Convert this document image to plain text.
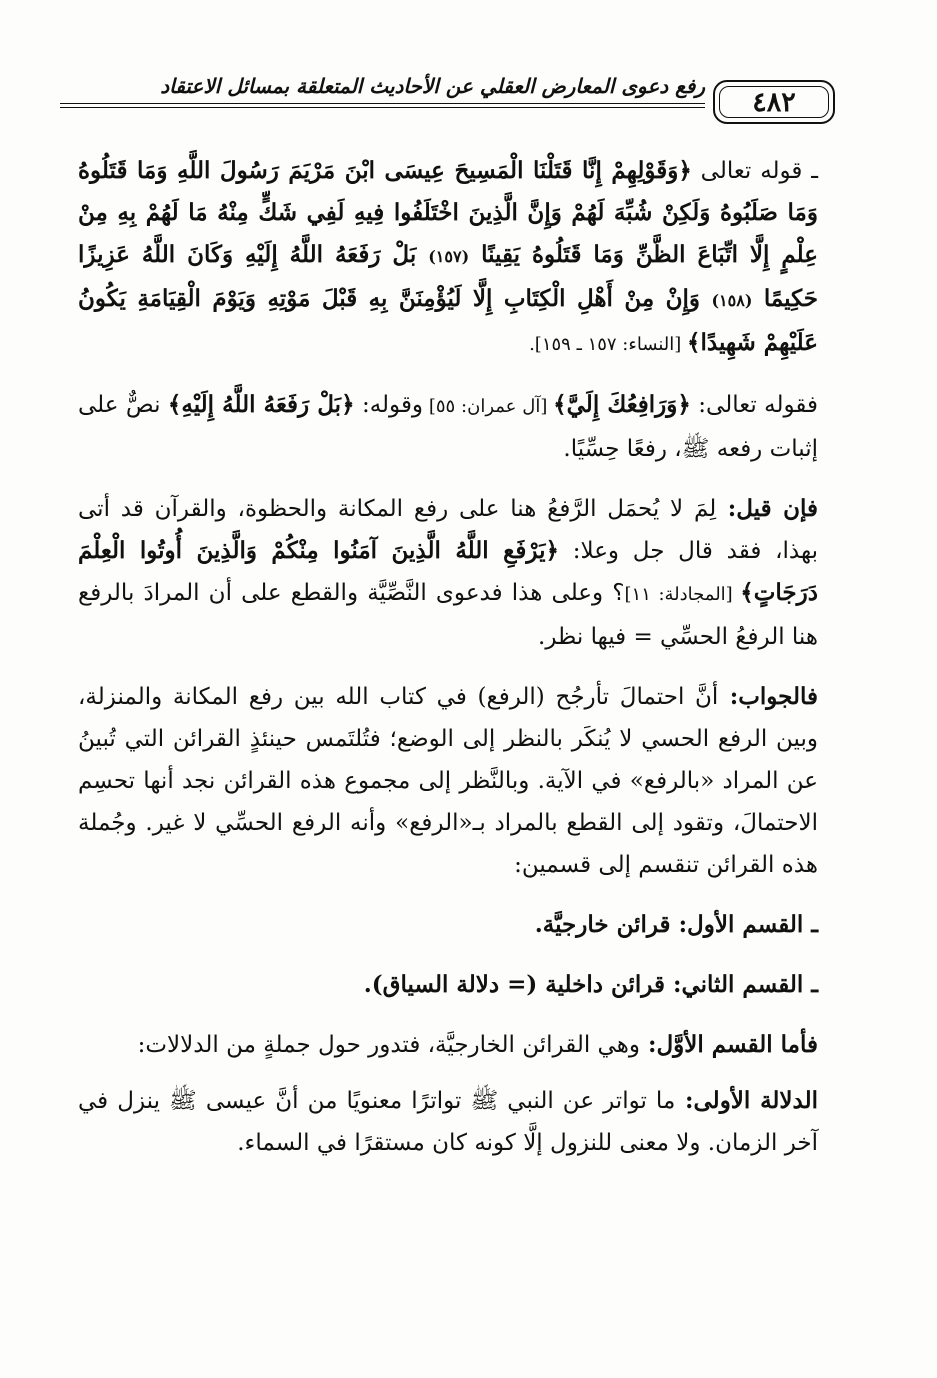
٤٨٢
رفع دعوى المعارض العقلي عن الأحاديث المتعلقة بمسائل الاعتقاد

ـ قوله تعالى ﴿وَقَوْلِهِمْ إِنَّا قَتَلْنَا الْمَسِيحَ عِيسَى ابْنَ مَرْيَمَ رَسُولَ اللَّهِ وَمَا قَتَلُوهُ وَمَا صَلَبُوهُ وَلَكِنْ شُبِّهَ لَهُمْ وَإِنَّ الَّذِينَ اخْتَلَفُوا فِيهِ لَفِي شَكٍّ مِنْهُ مَا لَهُمْ بِهِ مِنْ عِلْمٍ إِلَّا اتِّبَاعَ الظَّنِّ وَمَا قَتَلُوهُ يَقِينًا (١٥٧) بَلْ رَفَعَهُ اللَّهُ إِلَيْهِ وَكَانَ اللَّهُ عَزِيزًا حَكِيمًا (١٥٨) وَإِنْ مِنْ أَهْلِ الْكِتَابِ إِلَّا لَيُؤْمِنَنَّ بِهِ قَبْلَ مَوْتِهِ وَيَوْمَ الْقِيَامَةِ يَكُونُ عَلَيْهِمْ شَهِيدًا﴾ [النساء: ١٥٧ ـ ١٥٩].

فقوله تعالى: ﴿وَرَافِعُكَ إِلَيَّ﴾ [آل عمران: ٥٥] وقوله: ﴿بَلْ رَفَعَهُ اللَّهُ إِلَيْهِ﴾ نصٌّ على إثبات رفعه ﷺ، رفعًا حِسِّيًا.

فإن قيل: لِمَ لا يُحمَل الرَّفعُ هنا على رفع المكانة والحظوة، والقرآن قد أتى بهذا، فقد قال جل وعلا: ﴿يَرْفَعِ اللَّهُ الَّذِينَ آمَنُوا مِنْكُمْ وَالَّذِينَ أُوتُوا الْعِلْمَ دَرَجَاتٍ﴾ [المجادلة: ١١]؟ وعلى هذا فدعوى النَّصِّيَّة والقطع على أن المرادَ بالرفع هنا الرفعُ الحسِّي = فيها نظر.

فالجواب: أنَّ احتمالَ تأرجُح (الرفع) في كتاب الله بين رفع المكانة والمنزلة، وبين الرفع الحسي لا يُنكَر بالنظر إلى الوضع؛ فتُلتَمس حينئذٍ القرائن التي تُبينُ عن المراد «بالرفع» في الآية. وبالنَّظر إلى مجموع هذه القرائن نجد أنها تحسِم الاحتمالَ، وتقود إلى القطع بالمراد بـ«الرفع» وأنه الرفع الحسِّي لا غير. وجُملة هذه القرائن تنقسم إلى قسمين:

ـ القسم الأول: قرائن خارجيَّة.

ـ القسم الثاني: قرائن داخلية (= دلالة السياق).

فأما القسم الأوَّل: وهي القرائن الخارجيَّة، فتدور حول جملةٍ من الدلالات:

الدلالة الأولى: ما تواتر عن النبي ﷺ تواترًا معنويًا من أنَّ عيسى ﷺ ينزل في آخر الزمان. ولا معنى للنزول إلَّا كونه كان مستقرًا في السماء.
